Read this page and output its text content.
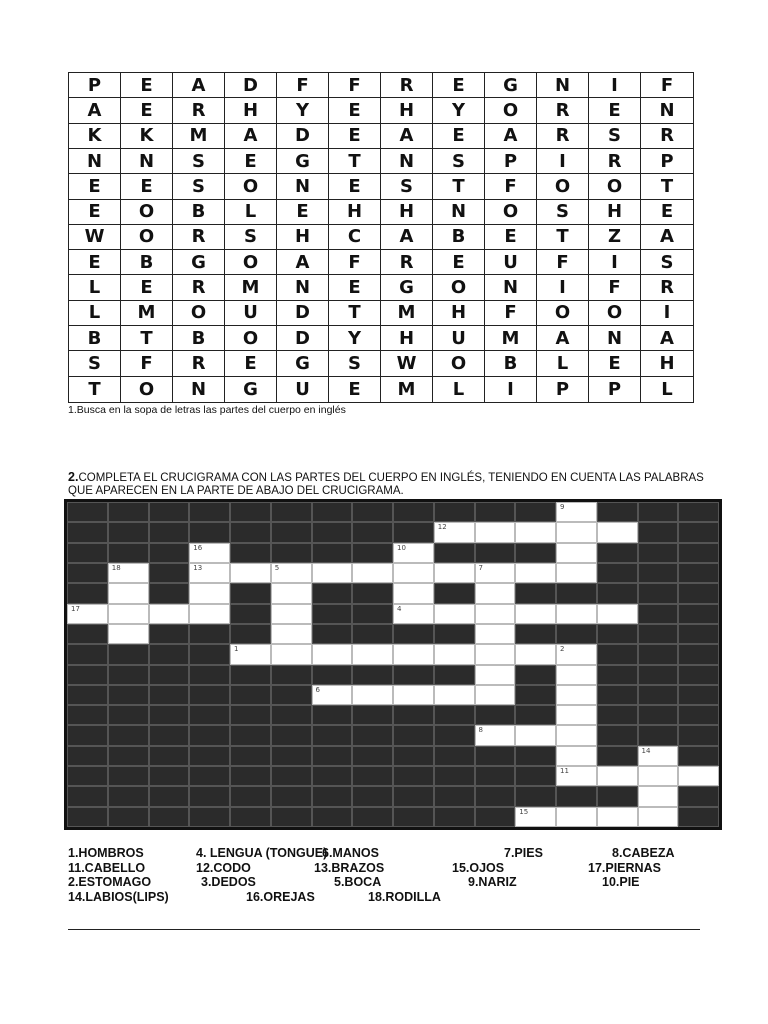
P	E	A	D	F	F	R	E	G	N	I	F
A	E	R	H	Y	E	H	Y	O	R	E	N
K	K	M	A	D	E	A	E	A	R	S	R
N	N	S	E	G	T	N	S	P	I	R	P
E	E	S	O	N	E	S	T	F	O	O	T
E	O	B	L	E	H	H	N	O	S	H	E
W	O	R	S	H	C	A	B	E	T	Z	A
E	B	G	O	A	F	R	E	U	F	I	S
L	E	R	M	N	E	G	O	N	I	F	R
L	M	O	U	D	T	M	H	F	O	O	I
B	T	B	O	D	Y	H	U	M	A	N	A
S	F	R	E	G	S	W	O	B	L	E	H
T	O	N	G	U	E	M	L	I	P	P	L
1.Busca en la sopa de letras las partes del cuerpo en inglés
2.COMPLETA EL CRUCIGRAMA CON LAS PARTES DEL CUERPO EN INGLÉS, TENIENDO EN CUENTA LAS PALABRAS QUE APARECEN EN LA PARTE DE ABAJO DEL CRUCIGRAMA.
9
12
16	10
18	13	5	7
17	4
1	2
6
8
14
11
15
1.HOMBROS	4. LENGUA (TONGUE)
6.MANOS	7.PIES	8.CABEZA
11.CABELLO	12.CODO	13.BRAZOS	15.OJOS	17.PIERNAS
2.ESTOMAGO	3.DEDOS	5.BOCA	9.NARIZ	10.PIE
14.LABIOS(LIPS)	16.OREJAS	18.RODILLA
